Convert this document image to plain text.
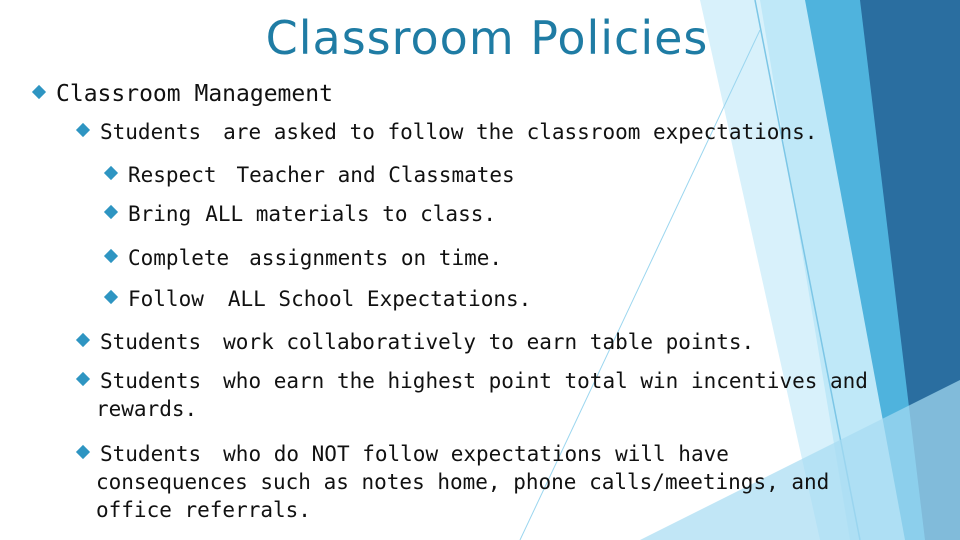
Classroom Policies
Classroom Management
Students are asked to follow the classroom expectations.
Respect Teacher and Classmates
Bring ALL materials to class.
Complete assignments on time.
Follow ALL School Expectations.
Students work collaboratively to earn table points.
Students who earn the highest point total win incentives and
rewards.
Students who do NOT follow expectations will have
consequences such as notes home, phone calls/meetings, and
office referrals.
